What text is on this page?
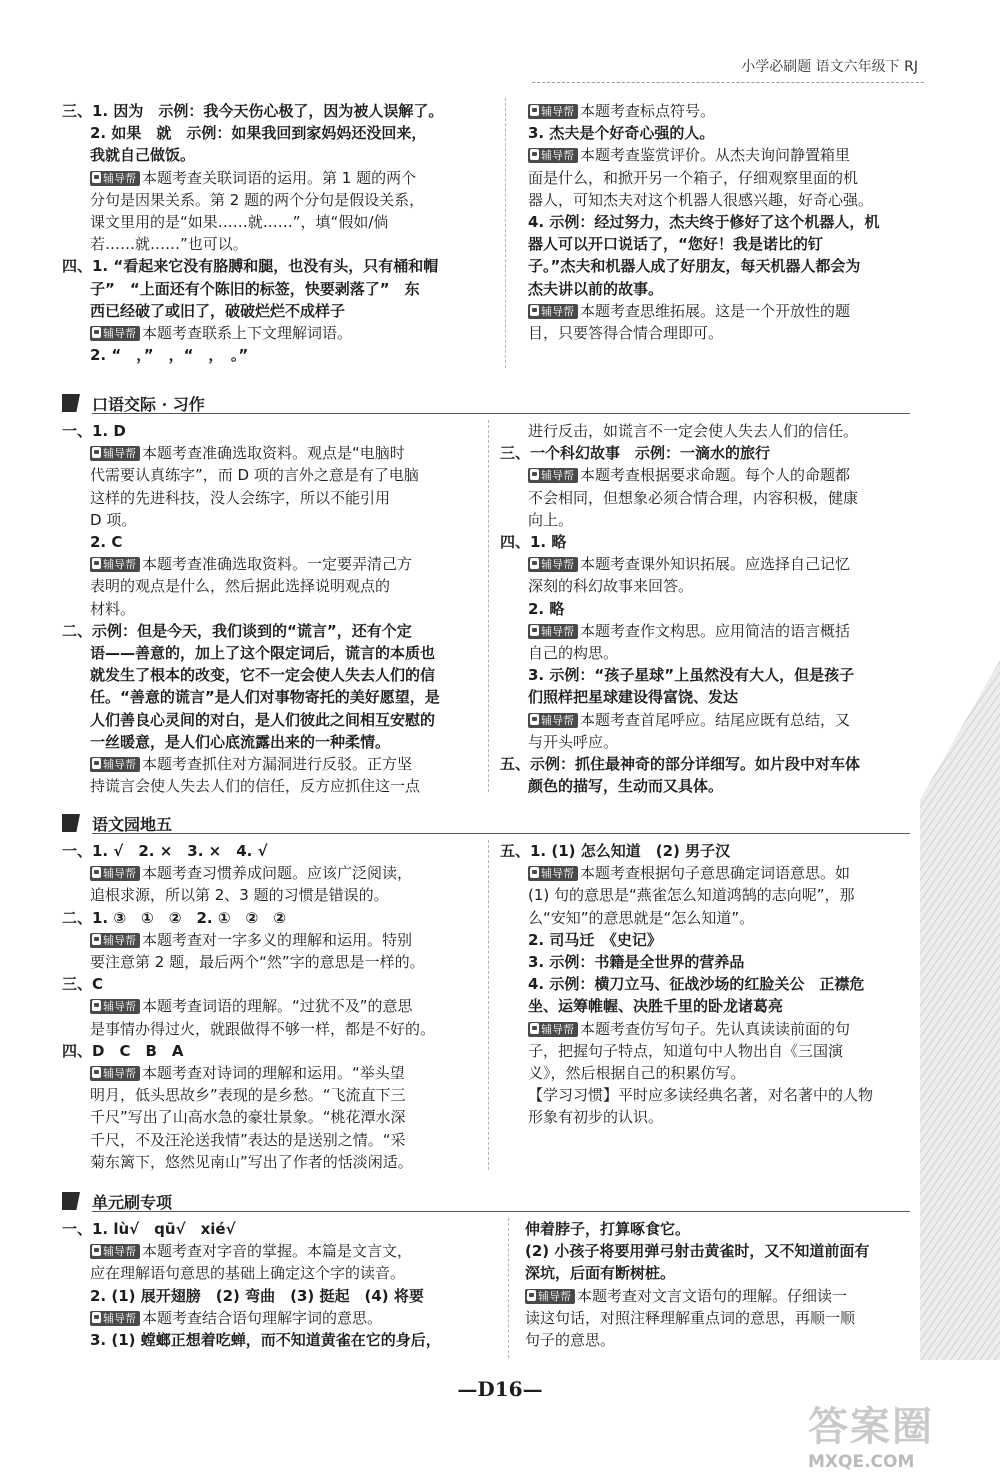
小学必刷题 语文六年级下 RJ
三、1. 因为　示例：我今天伤心极了，因为被人误解了。
2. 如果　就　示例：如果我回到家妈妈还没回来，
我就自己做饭。
辅导帮 本题考查关联词语的运用。第 1 题的两个
分句是因果关系。第 2 题的两个分句是假设关系，
课文里用的是“如果……就……”，填“假如/倘
若……就……”也可以。
四、1. “看起来它没有胳膊和腿，也没有头，只有桶和帽
子”　“上面还有个陈旧的标签，快要剥落了”　东
西已经破了或旧了，破破烂烂不成样子
辅导帮 本题考查联系上下文理解词语。
2. “　，”　，“　，　。”
辅导帮 本题考查标点符号。
3. 杰夫是个好奇心强的人。
辅导帮 本题考查鉴赏评价。从杰夫询问静置箱里
面是什么，和掀开另一个箱子，仔细观察里面的机
器人，可知杰夫对这个机器人很感兴趣，好奇心强。
4. 示例：经过努力，杰夫终于修好了这个机器人，机
器人可以开口说话了，“您好！我是诺比的钉
子。”杰夫和机器人成了好朋友，每天机器人都会为
杰夫讲以前的故事。
辅导帮 本题考查思维拓展。这是一个开放性的题
目，只要答得合情合理即可。
口语交际 · 习作
一、1. D
辅导帮 本题考查准确选取资料。观点是“电脑时
代需要认真练字”，而 D 项的言外之意是有了电脑
这样的先进科技，没人会练字，所以不能引用
D 项。
2. C
辅导帮 本题考查准确选取资料。一定要弄清己方
表明的观点是什么，然后据此选择说明观点的
材料。
二、示例：但是今天，我们谈到的“谎言”，还有个定
语——善意的，加上了这个限定词后，谎言的本质也
就发生了根本的改变，它不一定会使人失去人们的信
任。“善意的谎言”是人们对事物寄托的美好愿望，是
人们善良心灵间的对白，是人们彼此之间相互安慰的
一丝暖意，是人们心底流露出来的一种柔情。
辅导帮 本题考查抓住对方漏洞进行反驳。正方坚
持谎言会使人失去人们的信任，反方应抓住这一点
进行反击，如谎言不一定会使人失去人们的信任。
三、一个科幻故事　示例：一滴水的旅行
辅导帮 本题考查根据要求命题。每个人的命题都
不会相同，但想象必须合情合理，内容积极，健康
向上。
四、1. 略
辅导帮 本题考查课外知识拓展。应选择自己记忆
深刻的科幻故事来回答。
2. 略
辅导帮 本题考查作文构思。应用简洁的语言概括
自己的构思。
3. 示例：“孩子星球”上虽然没有大人，但是孩子
们照样把星球建设得富饶、发达
辅导帮 本题考查首尾呼应。结尾应既有总结，又
与开头呼应。
五、示例：抓住最神奇的部分详细写。如片段中对车体
颜色的描写，生动而又具体。
语文园地五
一、1. √　2. ×　3. ×　4. √
辅导帮 本题考查习惯养成问题。应该广泛阅读，
追根求源，所以第 2、3 题的习惯是错误的。
二、1. ③　①　②　2. ①　②　②
辅导帮 本题考查对一字多义的理解和运用。特别
要注意第 2 题，最后两个“然”字的意思是一样的。
三、C
辅导帮 本题考查词语的理解。“过犹不及”的意思
是事情办得过火，就跟做得不够一样，都是不好的。
四、D　C　B　A
辅导帮 本题考查对诗词的理解和运用。“举头望
明月，低头思故乡”表现的是乡愁。“飞流直下三
千尺”写出了山高水急的豪壮景象。“桃花潭水深
千尺，不及汪沦送我情”表达的是送别之情。“采
菊东篱下，悠然见南山”写出了作者的恬淡闲适。
五、1. (1) 怎么知道　(2) 男子汉
辅导帮 本题考查根据句子意思确定词语意思。如
(1) 句的意思是“燕雀怎么知道鸿鹄的志向呢”，那
么“安知”的意思就是“怎么知道”。
2. 司马迁　《史记》
3. 示例：书籍是全世界的营养品
4. 示例：横刀立马、征战沙场的红脸关公　正襟危
坐、运筹帷幄、决胜千里的卧龙诸葛亮
辅导帮 本题考查仿写句子。先认真读读前面的句
子，把握句子特点，知道句中人物出自《三国演
义》，然后根据自己的积累仿写。
【学习习惯】平时应多读经典名著，对名著中的人物
形象有初步的认识。
单元刷专项
一、1. lù√　qū√　xié√
辅导帮 本题考查对字音的掌握。本篇是文言文，
应在理解语句意思的基础上确定这个字的读音。
2. (1) 展开翅膀　(2) 弯曲　(3) 挺起　(4) 将要
辅导帮 本题考查结合语句理解字词的意思。
3. (1) 螳螂正想着吃蝉，而不知道黄雀在它的身后，
伸着脖子，打算啄食它。
(2) 小孩子将要用弹弓射击黄雀时，又不知道前面有
深坑，后面有断树桩。
辅导帮 本题考查对文言文语句的理解。仔细读一
读这句话，对照注释理解重点词的意思，再顺一顺
句子的意思。
—D16—
答案圈
MXQE.COM
